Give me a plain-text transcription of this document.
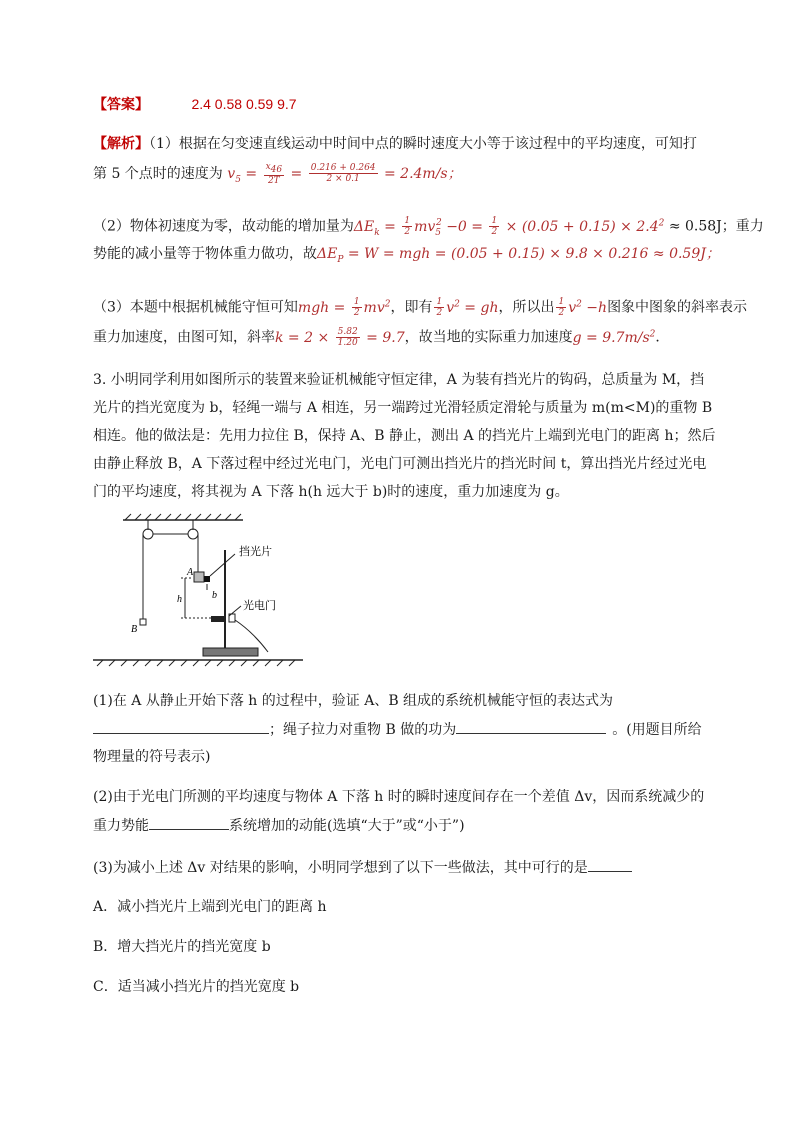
【答案】	2.4 0.58 0.59 9.7
【解析】（1）根据在匀变速直线运动中时间中点的瞬时速度大小等于该过程中的平均速度，可知打
第 5 个点时的速度为 $v_5 = \frac{x46}{2T} = \frac{0.216 + 0.264}{2 \times 0.1} = 2.4m/s$；
（2）物体初速度为零，故动能的增加量为$\Delta E_k = \frac{1}{2} mv_5^2 -0 = \frac{1}{2} \times (0.05 + 0.15) \times 2.4^2 \approx 0.58J$；重力
势能的减小量等于物体重力做功，故$\Delta E_P = W$ = mgh = (0.05 + 0.15) × 9.8 × 0.216 ≈ 0.59J；
（3）本题中根据机械能守恒可知mgh = $\frac{1}{2} mv^2$，即有 $\frac{1}{2} v^2$ = gh，所以出 $\frac{1}{2} v^2 -h$图象中图象的斜率表示
重力加速度，由图可知，斜率$k = 2 \times \frac{5.82}{1.20} = 9.7$，故当地的实际重力加速度$g = 9.7m/s^2$．
3. 小明同学利用如图所示的装置来验证机械能守恒定律，A 为装有挡光片的钩码，总质量为 M，挡
光片的挡光宽度为 b，轻绳一端与 A 相连，另一端跨过光滑轻质定滑轮与质量为 m(m<M)的重物 B
相连。他的做法是：先用力拉住 B，保持 A、B 静止，测出 A 的挡光片上端到光电门的距离 h；然后
由静止释放 B，A 下落过程中经过光电门，光电门可测出挡光片的挡光时间 t，算出挡光片经过光电
门的平均速度，将其视为 A 下落 h(h 远大于 b)时的速度，重力加速度为 g。
B
A
h	b
挡光片
光电门
(1)在 A 从静止开始下落 h 的过程中，验证 A、B 组成的系统机械能守恒的表达式为
；绳子拉力对重物 B 做的功为	。(用题目所给
物理量的符号表示)
(2)由于光电门所测的平均速度与物体 A 下落 h 时的瞬时速度间存在一个差值 Δv，因而系统减少的
重力势能	系统增加的动能(选填“大于”或“小于”)
(3)为减小上述 Δv 对结果的影响，小明同学想到了以下一些做法，其中可行的是
A．减小挡光片上端到光电门的距离 h
B．增大挡光片的挡光宽度 b
C．适当减小挡光片的挡光宽度 b
